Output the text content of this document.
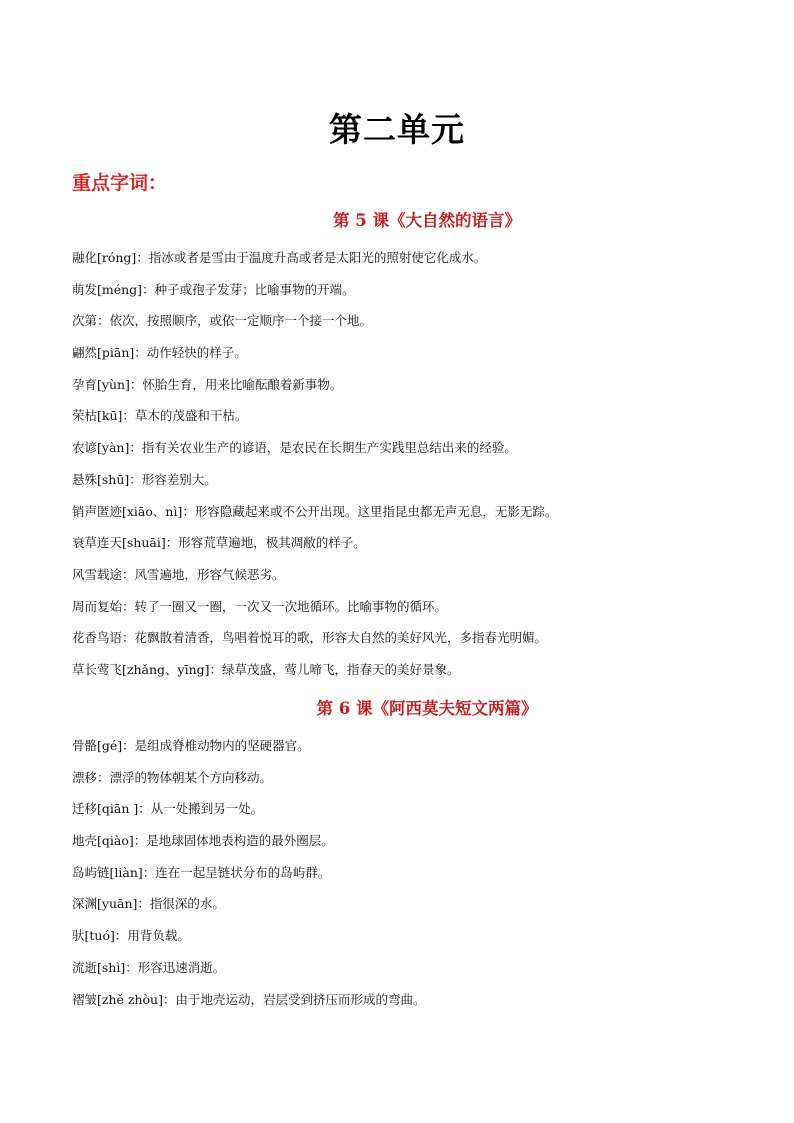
第二单元
重点字词：

第 5 课《大自然的语言》

融化[róng]：指冰或者是雪由于温度升高或者是太阳光的照射使它化成水。
萌发[méng]：种子或孢子发芽；比喻事物的开端。
次第：依次，按照顺序，或依一定顺序一个接一个地。
翩然[piān]：动作轻快的样子。
孕育[yùn]：怀胎生育，用来比喻酝酿着新事物。
荣枯[kū]：草木的茂盛和干枯。
农谚[yàn]：指有关农业生产的谚语，是农民在长期生产实践里总结出来的经验。
悬殊[shū]：形容差别大。
销声匿迹[xiāo、nì]：形容隐藏起来或不公开出现。这里指昆虫都无声无息，无影无踪。
衰草连天[shuāi]：形容荒草遍地，极其凋敝的样子。
风雪载途：风雪遍地，形容气候恶劣。
周而复始：转了一圈又一圈，一次又一次地循环。比喻事物的循环。
花香鸟语：花飘散着清香，鸟唱着悦耳的歌，形容大自然的美好风光，多指春光明媚。
草长莺飞[zhǎng、yīng]：绿草茂盛，莺儿啼飞，指春天的美好景象。

第 6 课《阿西莫夫短文两篇》

骨骼[gé]：是组成脊椎动物内的坚硬器官。
漂移：漂浮的物体朝某个方向移动。
迁移[qiān ]：从一处搬到另一处。
地壳[qiào]：是地球固体地表构造的最外圈层。
岛屿链[liàn]：连在一起呈链状分布的岛屿群。
深渊[yuān]：指很深的水。
驮[tuó]：用背负载。
流逝[shì]：形容迅速消逝。
褶皱[zhě zhòu]：由于地壳运动，岩层受到挤压而形成的弯曲。
